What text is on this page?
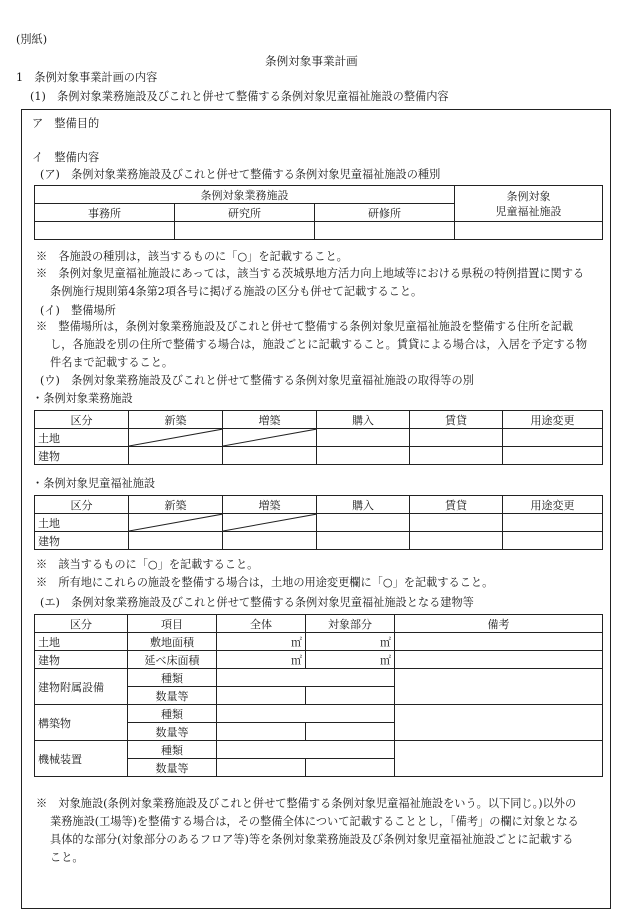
(別紙)
条例対象事業計画
1　条例対象事業計画の内容
(1)　条例対象業務施設及びこれと併せて整備する条例対象児童福祉施設の整備内容
ア　整備目的
イ　整備内容
(ア)　条例対象業務施設及びこれと併せて整備する条例対象児童福祉施設の種別
条例対象業務施設			条例対象
児童福祉施設
事務所	研究所	研修所	

※　各施設の種別は，該当するものに「○」を記載すること。
※　条例対象児童福祉施設にあっては，該当する茨城県地方活力向上地域等における県税の特例措置に関する
条例施行規則第4条第2項各号に掲げる施設の区分も併せて記載すること。
(イ)　整備場所
※　整備場所は，条例対象業務施設及びこれと併せて整備する条例対象児童福祉施設を整備する住所を記載
し，各施設を別の住所で整備する場合は，施設ごとに記載すること。賃貸による場合は，入居を予定する物
件名まで記載すること。
(ウ)　条例対象業務施設及びこれと併せて整備する条例対象児童福祉施設の取得等の別
・条例対象業務施設
区分	新築	増築	購入	賃貸	用途変更
土地	

建物					
・条例対象児童福祉施設
区分	新築	増築	購入	賃貸	用途変更
土地	

建物					
※　該当するものに「○」を記載すること。
※　所有地にこれらの施設を整備する場合は，土地の用途変更欄に「○」を記載すること。
(エ)　条例対象業務施設及びこれと併せて整備する条例対象児童福祉施設となる建物等
区分	項目	全体	対象部分	備考
土地	敷地面積	㎡	㎡	
建物	延べ床面積	㎡	㎡	
建物附属設備	種類			
	数量等			
構築物	種類			
	数量等			
機械装置	種類			
	数量等			
※　対象施設(条例対象業務施設及びこれと併せて整備する条例対象児童福祉施設をいう。以下同じ。)以外の
業務施設(工場等)を整備する場合は，その整備全体について記載することとし，「備考」の欄に対象となる
具体的な部分(対象部分のあるフロア等)等を条例対象業務施設及び条例対象児童福祉施設ごとに記載する
こと。
